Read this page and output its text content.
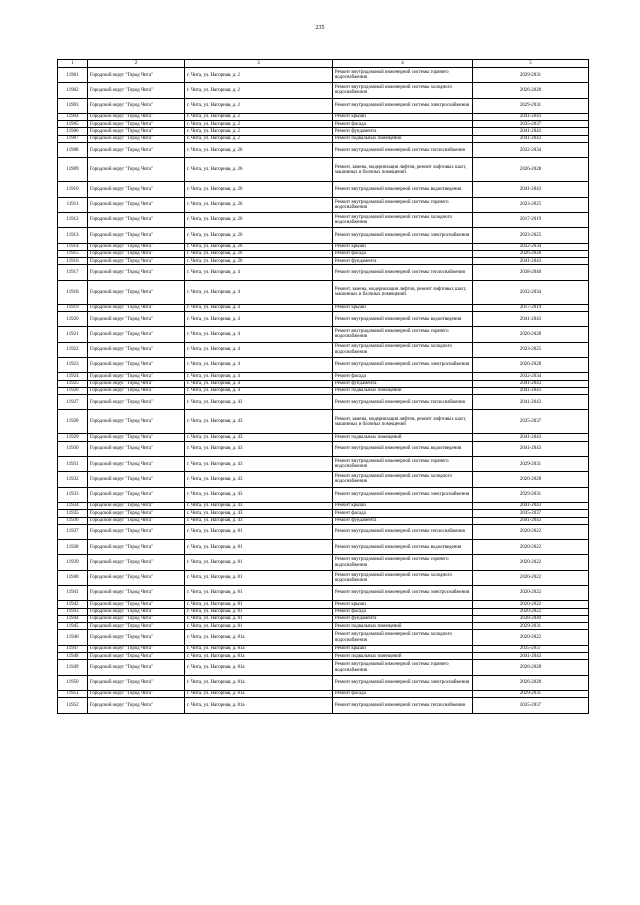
235
1	2	3	4	5
11901	Городской округ "Город Чита"	г. Чита, ул. Нагорная, д. 2	Ремонт внутридомовой инженерной системы горячего водоснабжения	2029-2031
11902	Городской округ "Город Чита"	г. Чита, ул. Нагорная, д. 2	Ремонт внутридомовой инженерной системы холодного водоснабжения	2026-2028
11903	Городской округ "Город Чита"	г. Чита, ул. Нагорная, д. 2	Ремонт внутридомовой инженерной системы электроснабжения	2029-2031
11904	Городской округ "Город Чита"	г. Чита, ул. Нагорная, д. 2	Ремонт крыши	2041-2043
11905	Городской округ "Город Чита"	г. Чита, ул. Нагорная, д. 2	Ремонт фасада	2035-2037
11906	Городской округ "Город Чита"	г. Чита, ул. Нагорная, д. 2	Ремонт фундамента	2041-2043
11907	Городской округ "Город Чита"	г. Чита, ул. Нагорная, д. 2	Ремонт подвальных помещений	2041-2043
11908	Городской округ "Город Чита"	г. Чита, ул. Нагорная, д. 26	Ремонт внутридомовой инженерной системы теплоснабжения	2032-2034
11909	Городской округ "Город Чита"	г. Чита, ул. Нагорная, д. 26	Ремонт, замена, модернизация лифтов, ремонт лифтовых шахт, машинных и блочных помещений	2026-2028
11910	Городской округ "Город Чита"	г. Чита, ул. Нагорная, д. 26	Ремонт внутридомовой инженерной системы водоотведения	2041-2043
11911	Городской округ "Город Чита"	г. Чита, ул. Нагорная, д. 26	Ремонт внутридомовой инженерной системы горячего водоснабжения	2023-2025
11912	Городской округ "Город Чита"	г. Чита, ул. Нагорная, д. 26	Ремонт внутридомовой инженерной системы холодного водоснабжения	2017-2019
11913	Городской округ "Город Чита"	г. Чита, ул. Нагорная, д. 26	Ремонт внутридомовой инженерной системы электроснабжения	2023-2025
11914	Городской округ "Город Чита"	г. Чита, ул. Нагорная, д. 26	Ремонт крыши	2032-2034
11915	Городской округ "Город Чита"	г. Чита, ул. Нагорная, д. 26	Ремонт фасада	2026-2028
11916	Городской округ "Город Чита"	г. Чита, ул. Нагорная, д. 26	Ремонт фундамента	2041-2043
11917	Городской округ "Город Чита"	г. Чита, ул. Нагорная, д. 4	Ремонт внутридомовой инженерной системы теплоснабжения	2038-2040
11918	Городской округ "Город Чита"	г. Чита, ул. Нагорная, д. 4	Ремонт, замена, модернизация лифтов, ремонт лифтовых шахт, машинных и блочных помещений	2032-2034
11919	Городской округ "Город Чита"	г. Чита, ул. Нагорная, д. 4	Ремонт крыши	2017-2019
11920	Городской округ "Город Чита"	г. Чита, ул. Нагорная, д. 4	Ремонт внутридомовой инженерной системы водоотведения	2041-2043
11921	Городской округ "Город Чита"	г. Чита, ул. Нагорная, д. 4	Ремонт внутридомовой инженерной системы горячего водоснабжения	2026-2028
11922	Городской округ "Город Чита"	г. Чита, ул. Нагорная, д. 4	Ремонт внутридомовой инженерной системы холодного водоснабжения	2023-2025
11923	Городской округ "Город Чита"	г. Чита, ул. Нагорная, д. 4	Ремонт внутридомовой инженерной системы электроснабжения	2026-2028
11924	Городской округ "Город Чита"	г. Чита, ул. Нагорная, д. 4	Ремонт фасада	2032-2034
11925	Городской округ "Город Чита"	г. Чита, ул. Нагорная, д. 4	Ремонт фундамента	2041-2043
11926	Городской округ "Город Чита"	г. Чита, ул. Нагорная, д. 4	Ремонт подвальных помещений	2041-2043
11927	Городской округ "Город Чита"	г. Чита, ул. Нагорная, д. 43	Ремонт внутридомовой инженерной системы теплоснабжения	2041-2043
11928	Городской округ "Город Чита"	г. Чита, ул. Нагорная, д. 43	Ремонт, замена, модернизация лифтов, ремонт лифтовых шахт, машинных и блочных помещений	2035-2037
11929	Городской округ "Город Чита"	г. Чита, ул. Нагорная, д. 43	Ремонт подвальных помещений	2041-2043
11930	Городской округ "Город Чита"	г. Чита, ул. Нагорная, д. 43	Ремонт внутридомовой инженерной системы водоотведения	2041-2043
11931	Городской округ "Город Чита"	г. Чита, ул. Нагорная, д. 43	Ремонт внутридомовой инженерной системы горячего водоснабжения	2029-2031
11932	Городской округ "Город Чита"	г. Чита, ул. Нагорная, д. 43	Ремонт внутридомовой инженерной системы холодного водоснабжения	2026-2028
11933	Городской округ "Город Чита"	г. Чита, ул. Нагорная, д. 43	Ремонт внутридомовой инженерной системы электроснабжения	2029-2031
11934	Городской округ "Город Чита"	г. Чита, ул. Нагорная, д. 43	Ремонт крыши	2041-2043
11935	Городской округ "Город Чита"	г. Чита, ул. Нагорная, д. 43	Ремонт фасада	2035-2037
11936	Городской округ "Город Чита"	г. Чита, ул. Нагорная, д. 43	Ремонт фундамента	2041-2043
11937	Городской округ "Город Чита"	г. Чита, ул. Нагорная, д. 81	Ремонт внутридомовой инженерной системы теплоснабжения	2020-2022
11938	Городской округ "Город Чита"	г. Чита, ул. Нагорная, д. 81	Ремонт внутридомовой инженерной системы водоотведения	2020-2022
11939	Городской округ "Город Чита"	г. Чита, ул. Нагорная, д. 81	Ремонт внутридомовой инженерной системы горячего водоснабжения	2020-2022
11940	Городской округ "Город Чита"	г. Чита, ул. Нагорная, д. 81	Ремонт внутридомовой инженерной системы холодного водоснабжения	2020-2022
11941	Городской округ "Город Чита"	г. Чита, ул. Нагорная, д. 81	Ремонт внутридомовой инженерной системы электроснабжения	2020-2022
11942	Городской округ "Город Чита"	г. Чита, ул. Нагорная, д. 81	Ремонт крыши	2020-2022
11943	Городской округ "Город Чита"	г. Чита, ул. Нагорная, д. 81	Ремонт фасада	2020-2022
11944	Городской округ "Город Чита"	г. Чита, ул. Нагорная, д. 81	Ремонт фундамента	2038-2040
11945	Городской округ "Город Чита"	г. Чита, ул. Нагорная, д. 81	Ремонт подвальных помещений	2029-2031
11946	Городской округ "Город Чита"	г. Чита, ул. Нагорная, д. 81а	Ремонт внутридомовой инженерной системы холодного водоснабжения	2020-2022
11947	Городской округ "Город Чита"	г. Чита, ул. Нагорная, д. 81а	Ремонт крыши	2035-2037
11948	Городской округ "Город Чита"	г. Чита, ул. Нагорная, д. 81а	Ремонт подвальных помещений	2041-2043
11949	Городской округ "Город Чита"	г. Чита, ул. Нагорная, д. 81а	Ремонт внутридомовой инженерной системы горячего водоснабжения	2026-2028
11950	Городской округ "Город Чита"	г. Чита, ул. Нагорная, д. 81а	Ремонт внутридомовой инженерной системы электроснабжения	2026-2028
11951	Городской округ "Город Чита"	г. Чита, ул. Нагорная, д. 81а	Ремонт фасада	2029-2031
11952	Городской округ "Город Чита"	г. Чита, ул. Нагорная, д. 81а	Ремонт внутридомовой инженерной системы теплоснабжения	2035-2037
